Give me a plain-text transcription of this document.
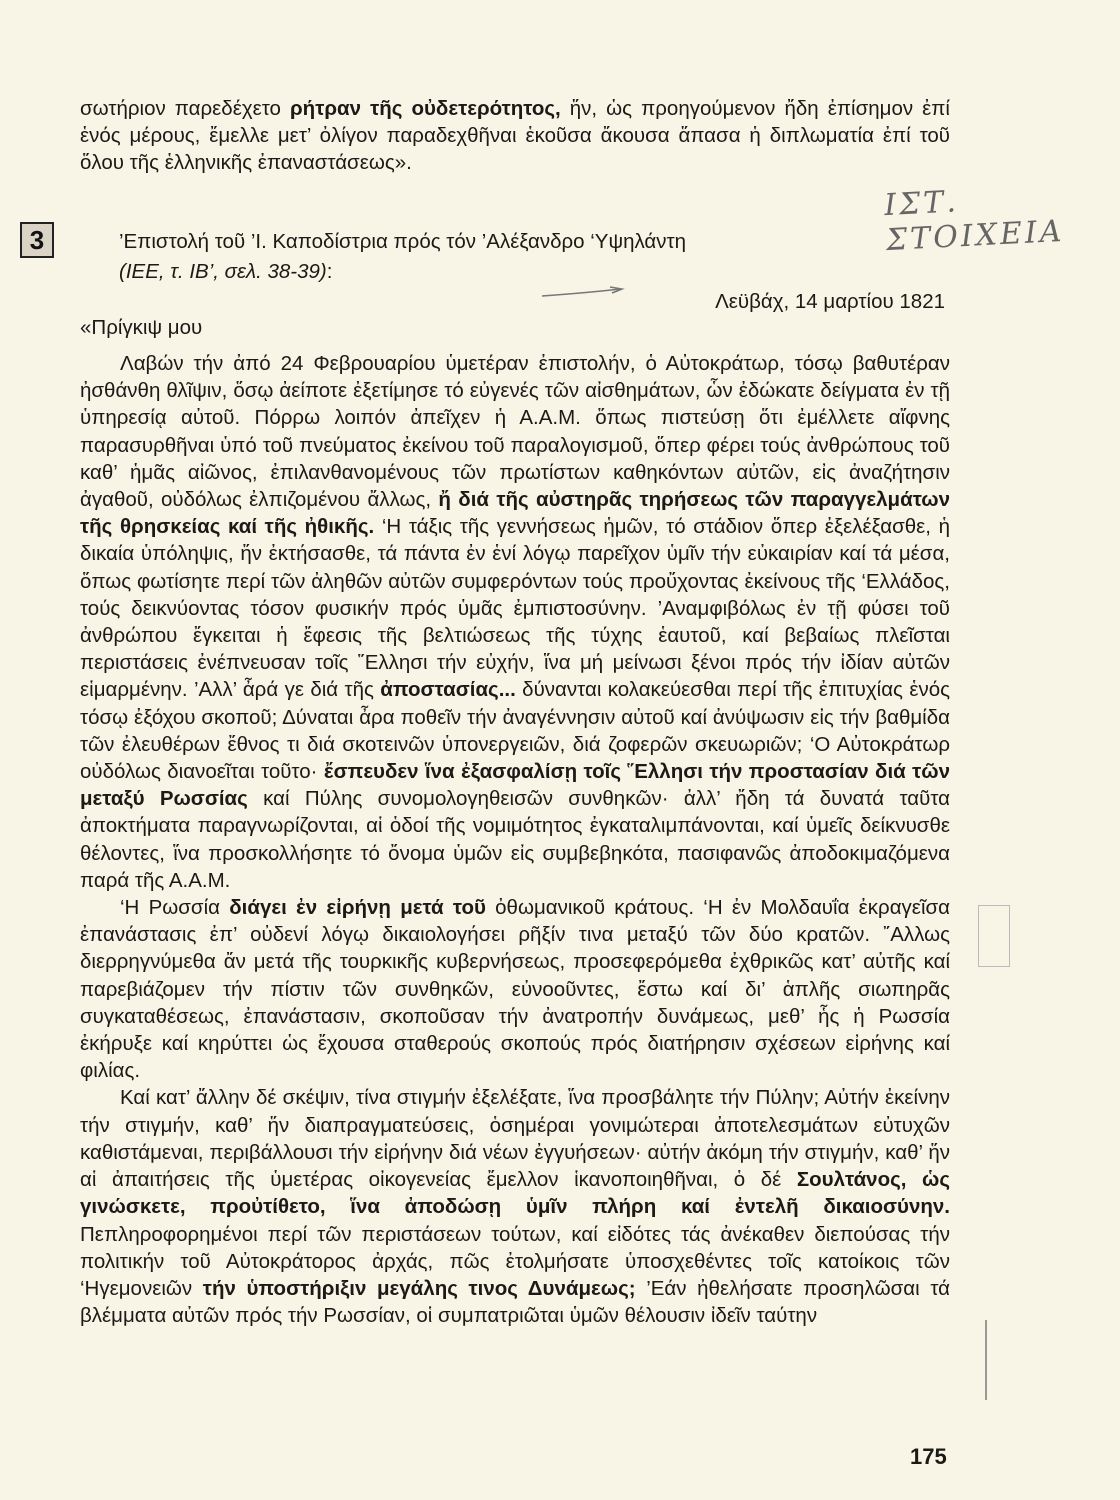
σωτήριον παρεδέχετο ρήτραν τῆς οὐδετερότητος, ἥν, ὡς προηγούμενον ἤδη ἐπίσημον ἐπί ἑνός μέρους, ἔμελλε μετ’ ὀλίγον παραδεχθῆναι ἑκοῦσα ἄκουσα ἅπασα ἡ διπλωματία ἐπί τοῦ ὅλου τῆς ἑλληνικῆς ἐπαναστάσεως».

3
ΙΣΤ. ΣΤΟΙΧΕΙΑ
’Επιστολή τοῦ ’Ι. Καποδίστρια πρός τόν ’Αλέξανδρο ‘Υψηλάντη
(ΙΕΕ, τ. ΙΒ’, σελ. 38-39):
Λεϋβάχ, 14 μαρτίου 1821
«Πρίγκιψ μου

Λαβών τήν ἀπό 24 Φεβρουαρίου ὑμετέραν ἐπιστολήν, ὁ Αὐτοκράτωρ, τόσῳ βαθυτέραν ἠσθάνθη θλῖψιν, ὅσῳ ἀείποτε ἐξετίμησε τό εὐγενές τῶν αἰσθημάτων, ὧν ἐδώκατε δείγματα ἐν τῇ ὑπηρεσίᾳ αὐτοῦ. Πόρρω λοιπόν ἀπεῖχεν ἡ Α.Α.Μ. ὅπως πιστεύσῃ ὅτι ἐμέλλετε αἴφνης παρασυρθῆναι ὑπό τοῦ πνεύματος ἐκείνου τοῦ παραλογισμοῦ, ὅπερ φέρει τούς ἀνθρώπους τοῦ καθ’ ἡμᾶς αἰῶνος, ἐπιλανθανομένους τῶν πρωτίστων καθηκόντων αὐτῶν, εἰς ἀναζήτησιν ἀγαθοῦ, οὐδόλως ἐλπιζομένου ἄλλως, ἤ διά τῆς αὐστηρᾶς τηρήσεως τῶν παραγγελμάτων τῆς θρησκείας καί τῆς ἠθικῆς. ‘Η τάξις τῆς γεννήσεως ἡμῶν, τό στάδιον ὅπερ ἐξελέξασθε, ἡ δικαία ὑπόληψις, ἥν ἐκτήσασθε, τά πάντα ἐν ἑνί λόγῳ παρεῖχον ὑμῖν τήν εὐκαιρίαν καί τά μέσα, ὅπως φωτίσητε περί τῶν ἀληθῶν αὐτῶν συμφερόντων τούς προὔχοντας ἐκείνους τῆς ‘Ελλάδος, τούς δεικνύοντας τόσον φυσικήν πρός ὑμᾶς ἐμπιστοσύνην. ’Αναμφιβόλως ἐν τῇ φύσει τοῦ ἀνθρώπου ἔγκειται ἡ ἔφεσις τῆς βελτιώσεως τῆς τύχης ἑαυτοῦ, καί βεβαίως πλεῖσται περιστάσεις ἐνέπνευσαν τοῖς ῞Ελλησι τήν εὐχήν, ἵνα μή μείνωσι ξένοι πρός τήν ἰδίαν αὐτῶν εἱμαρμένην. ’Αλλ’ ἆρά γε διά τῆς ἀποστασίας... δύνανται κολακεύεσθαι περί τῆς ἐπιτυχίας ἑνός τόσῳ ἐξόχου σκοποῦ; Δύναται ἆρα ποθεῖν τήν ἀναγέννησιν αὐτοῦ καί ἀνύψωσιν εἰς τήν βαθμίδα τῶν ἐλευθέρων ἔθνος τι διά σκοτεινῶν ὑπονεργειῶν, διά ζοφερῶν σκευωριῶν; ‘Ο Αὐτοκράτωρ οὐδόλως διανοεῖται τοῦτο· ἔσπευδεν ἵνα ἐξασφαλίσῃ τοῖς ῞Ελλησι τήν προστασίαν διά τῶν μεταξύ Ρωσσίας καί Πύλης συνομολογηθεισῶν συνθηκῶν· ἀλλ’ ἤδη τά δυνατά ταῦτα ἀποκτήματα παραγνωρίζονται, αἱ ὁδοί τῆς νομιμότητος ἐγκαταλιμπάνονται, καί ὑμεῖς δείκνυσθε θέλοντες, ἵνα προσκολλήσητε τό ὄνομα ὑμῶν εἰς συμβεβηκότα, πασιφανῶς ἀποδοκιμαζόμενα παρά τῆς Α.Α.Μ.

‘Η Ρωσσία διάγει ἐν εἰρήνῃ μετά τοῦ ὀθωμανικοῦ κράτους. ‘Η ἐν Μολδαυΐα ἐκραγεῖσα ἐπανάστασις ἐπ’ οὐδενί λόγῳ δικαιολογήσει ρῆξίν τινα μεταξύ τῶν δύο κρατῶν. ῎Αλλως διερρηγνύμεθα ἄν μετά τῆς τουρκικῆς κυβερνήσεως, προσεφερόμεθα ἐχθρικῶς κατ’ αὐτῆς καί παρεβιάζομεν τήν πίστιν τῶν συνθηκῶν, εὐνοοῦντες, ἔστω καί δι’ ἁπλῆς σιωπηρᾶς συγκαταθέσεως, ἐπανάστασιν, σκοποῦσαν τήν ἀνατροπήν δυνάμεως, μεθ’ ἧς ἡ Ρωσσία ἐκήρυξε καί κηρύττει ὡς ἔχουσα σταθερούς σκοπούς πρός διατήρησιν σχέσεων εἰρήνης καί φιλίας.

Καί κατ’ ἄλλην δέ σκέψιν, τίνα στιγμήν ἐξελέξατε, ἵνα προσβάλητε τήν Πύλην; Αὐτήν ἐκείνην τήν στιγμήν, καθ’ ἥν διαπραγματεύσεις, ὁσημέραι γονιμώτεραι ἀποτελεσμάτων εὐτυχῶν καθιστάμεναι, περιβάλλουσι τήν εἰρήνην διά νέων ἐγγυήσεων· αὐτήν ἀκόμη τήν στιγμήν, καθ’ ἥν αἱ ἀπαιτήσεις τῆς ὑμετέρας οἰκογενείας ἔμελλον ἱκανοποιηθῆναι, ὁ δέ Σουλτάνος, ὡς γινώσκετε, προὐτίθετο, ἵνα ἀποδώσῃ ὑμῖν πλήρη καί ἐντελῆ δικαιοσύνην. Πεπληροφορημένοι περί τῶν περιστάσεων τούτων, καί εἰδότες τάς ἀνέκαθεν διεπούσας τήν πολιτικήν τοῦ Αὐτοκράτορος ἀρχάς, πῶς ἐτολμήσατε ὑποσχεθέντες τοῖς κατοίκοις τῶν ‘Ηγεμονειῶν τήν ὑποστήριξιν μεγάλης τινος Δυνάμεως; ’Εάν ἠθελήσατε προσηλῶσαι τά βλέμματα αὐτῶν πρός τήν Ρωσσίαν, οἱ συμπατριῶται ὑμῶν θέλουσιν ἰδεῖν ταύτην

175
